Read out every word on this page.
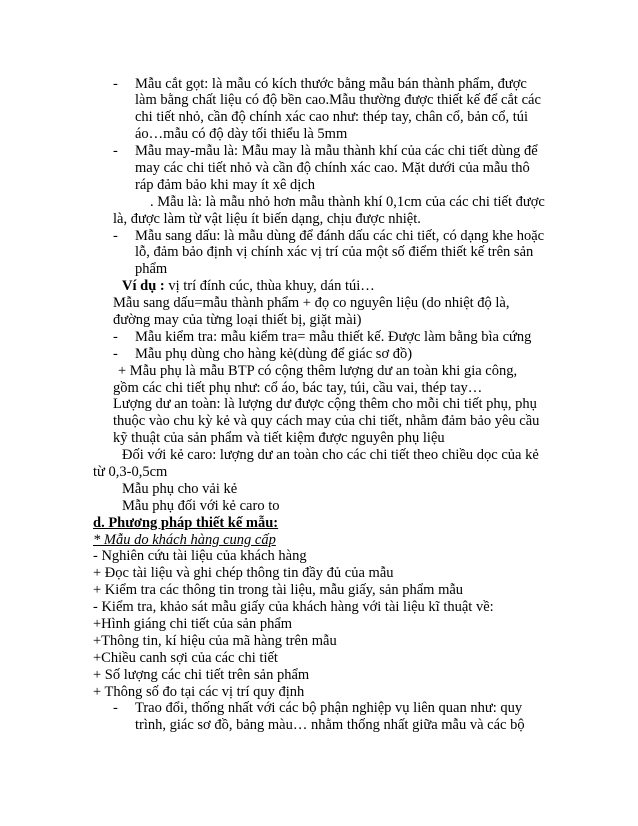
- Mẫu cắt gọt: là mẫu có kích thước bằng mẫu bán thành phẩm, được
làm bằng chất liệu có độ bền cao.Mẫu thường được thiết kế để cắt các
chi tiết nhỏ, cần độ chính xác cao như: thép tay, chân cổ, bản cổ, túi
áo…mẫu có độ dày tối thiểu là 5mm
- Mẫu may-mẫu là: Mẫu may là mẫu thành khí của các chi tiết dùng để
may các chi tiết nhỏ và cần độ chính xác cao. Mặt dưới của mẫu thô
ráp đảm bảo khi may ít xê dịch
. Mẫu là: là mẫu nhỏ hơn mẫu thành khí 0,1cm của các chi tiết được
là, được làm từ vật liệu ít biến dạng, chịu được nhiệt.
- Mẫu sang dấu: là mẫu dùng để đánh dấu các chi tiết, có dạng khe hoặc
lỗ, đảm bảo định vị chính xác vị trí của một số điểm thiết kế trên sản
phẩm
Ví dụ : vị trí đính cúc, thùa khuy, dán túi…
Mẫu sang dấu=mẫu thành phẩm + đọ co nguyên liệu (do nhiệt độ là,
đường may của từng loại thiết bị, giặt mài)
- Mẫu kiểm tra: mẫu kiểm tra= mẫu thiết kế. Được làm bằng bìa cứng
- Mẫu phụ dùng cho hàng kẻ(dùng để giác sơ đồ)
+ Mẫu phụ là mẫu BTP có cộng thêm lượng dư an toàn khi gia công,
gồm các chi tiết phụ như: cổ áo, bác tay, túi, cầu vai, thép tay…
Lượng dư an toàn: là lượng dư được cộng thêm cho mỗi chi tiết phụ, phụ
thuộc vào chu kỳ kẻ và quy cách may của chi tiết, nhằm đảm bảo yêu cầu
kỹ thuật của sản phẩm và tiết kiệm được nguyên phụ liệu
Đối với kẻ caro: lượng dư an toàn cho các chi tiết theo chiều dọc của kẻ
từ 0,3-0,5cm
Mẫu phụ cho vải kẻ
Mẫu phụ đối với kẻ caro to
d. Phương pháp thiết kế mẫu:
* Mẫu do khách hàng cung cấp
- Nghiên cứu tài liệu của khách hàng
+ Đọc tài liệu và ghi chép thông tin đầy đủ của mẫu
+ Kiểm tra các thông tin trong tài liệu, mẫu giấy, sản phẩm mẫu
- Kiểm tra, khảo sát mẫu giấy của khách hàng với tài liệu kĩ thuật về:
+Hình giáng chi tiết của sản phẩm
+Thông tin, kí hiệu của mã hàng trên mẫu
+Chiều canh sợi của các chi tiết
+ Số lượng các chi tiết trên sản phẩm
+ Thông số đo tại các vị trí quy định
- Trao đổi, thống nhất với các bộ phận nghiệp vụ liên quan như: quy
trình, giác sơ đồ, bảng màu… nhằm thống nhất giữa mẫu và các bộ
